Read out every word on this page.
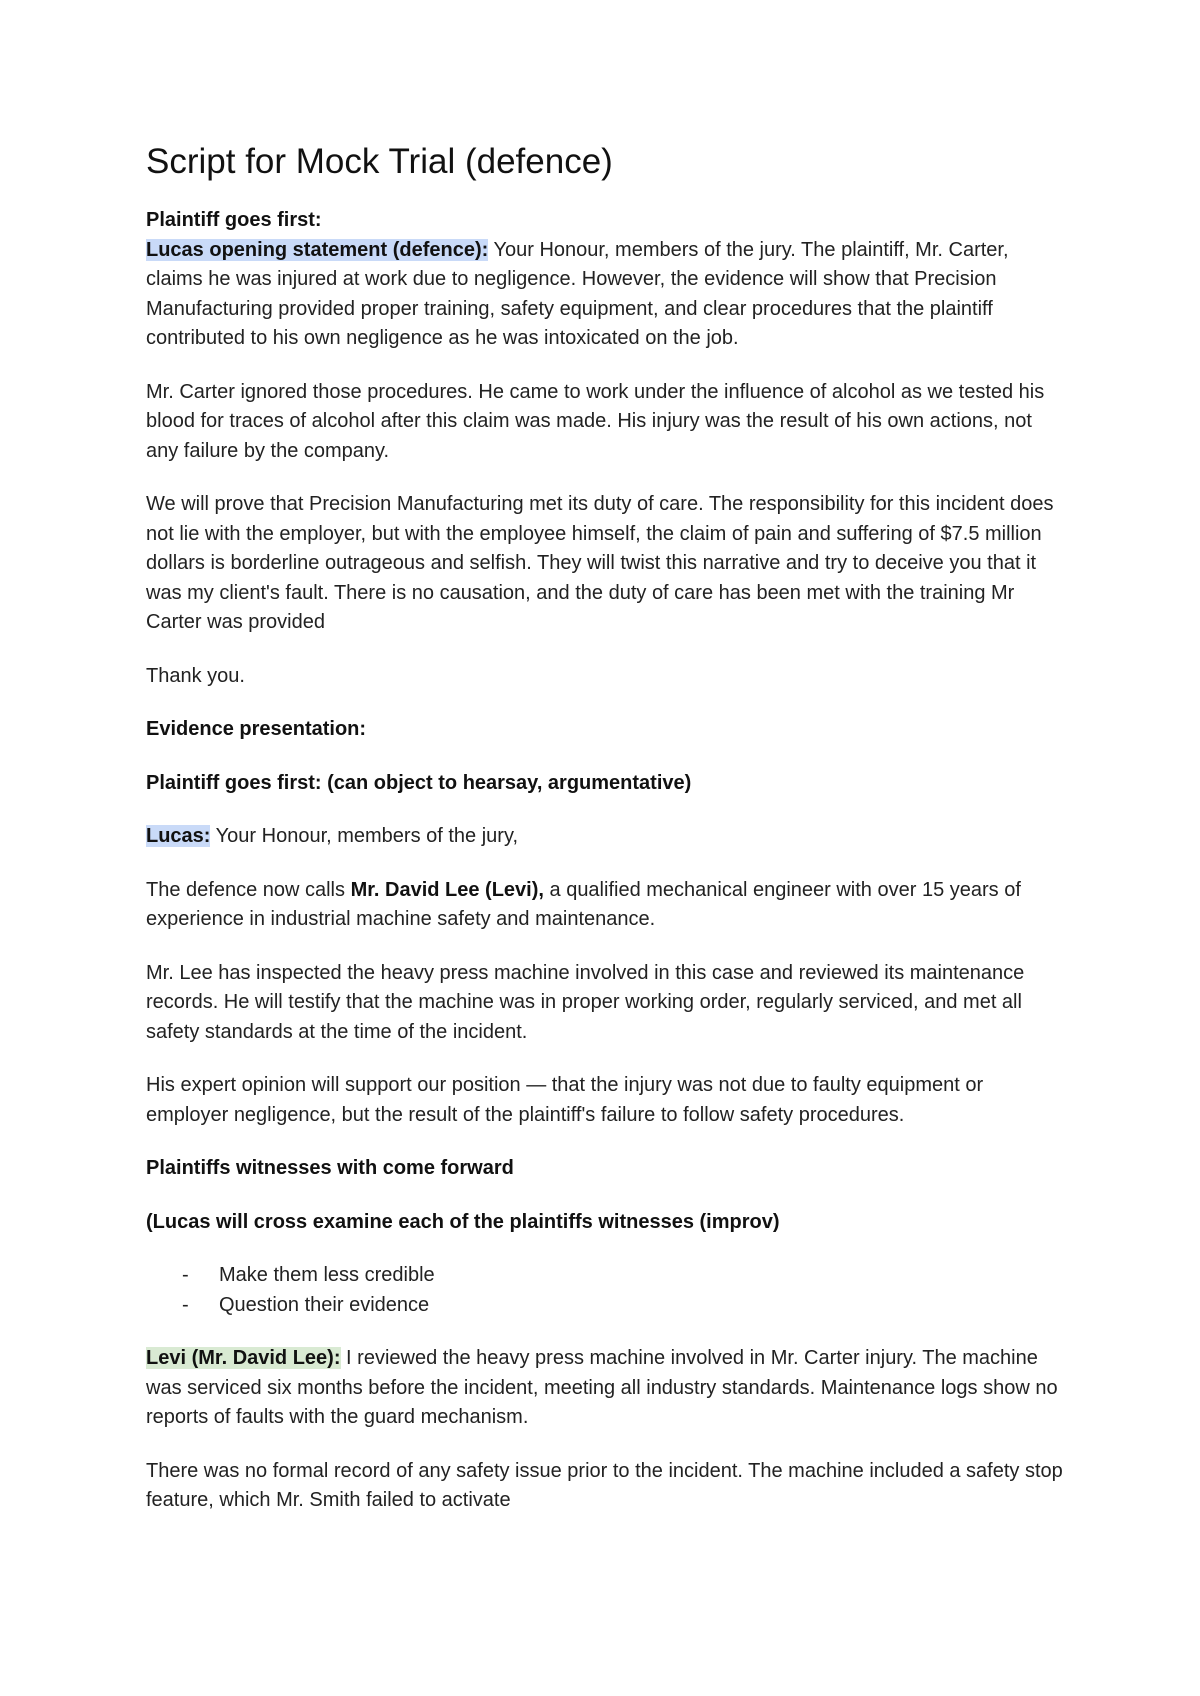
Script for Mock Trial (defence)

Plaintiff goes first:

Lucas opening statement (defence): Your Honour, members of the jury. The plaintiff, Mr. Carter, claims he was injured at work due to negligence. However, the evidence will show that Precision Manufacturing provided proper training, safety equipment, and clear procedures that the plaintiff contributed to his own negligence as he was intoxicated on the job.

Mr. Carter ignored those procedures. He came to work under the influence of alcohol as we tested his blood for traces of alcohol after this claim was made. His injury was the result of his own actions, not any failure by the company.

We will prove that Precision Manufacturing met its duty of care. The responsibility for this incident does not lie with the employer, but with the employee himself, the claim of pain and suffering of $7.5 million dollars is borderline outrageous and selfish. They will twist this narrative and try to deceive you that it was my client's fault. There is no causation, and the duty of care has been met with the training Mr Carter was provided

Thank you.

Evidence presentation:

Plaintiff goes first: (can object to hearsay, argumentative)

Lucas: Your Honour, members of the jury,

The defence now calls Mr. David Lee (Levi), a qualified mechanical engineer with over 15 years of experience in industrial machine safety and maintenance.

Mr. Lee has inspected the heavy press machine involved in this case and reviewed its maintenance records. He will testify that the machine was in proper working order, regularly serviced, and met all safety standards at the time of the incident.

His expert opinion will support our position — that the injury was not due to faulty equipment or employer negligence, but the result of the plaintiff's failure to follow safety procedures.

Plaintiffs witnesses with come forward

(Lucas will cross examine each of the plaintiffs witnesses (improv)

- Make them less credible
- Question their evidence

Levi (Mr. David Lee): I reviewed the heavy press machine involved in Mr. Carter injury. The machine was serviced six months before the incident, meeting all industry standards. Maintenance logs show no reports of faults with the guard mechanism.

There was no formal record of any safety issue prior to the incident. The machine included a safety stop feature, which Mr. Smith failed to activate
